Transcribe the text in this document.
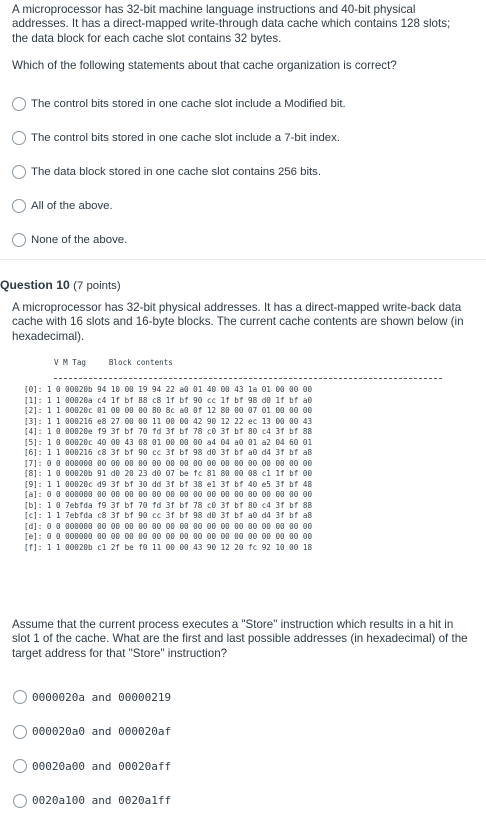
A microprocessor has 32-bit machine language instructions and 40-bit physical addresses. It has a direct-mapped write-through data cache which contains 128 slots; the data block for each cache slot contains 32 bytes.

Which of the following statements about that cache organization is correct?

The control bits stored in one cache slot include a Modified bit.
The control bits stored in one cache slot include a 7-bit index.
The data block stored in one cache slot contains 256 bits.
All of the above.
None of the above.
Question 10 (7 points)

A microprocessor has 32-bit physical addresses. It has a direct-mapped write-back data cache with 16 slots and 16-byte blocks. The current cache contents are shown below (in hexadecimal).

V M Tag     Block contents
[0]: 1 0 00020b 94 10 00 19 94 22 a0 01 40 00 43 1a 01 00 00 00
[1]: 1 1 00020a c4 1f bf 88 c8 1f bf 90 cc 1f bf 98 d0 1f bf a0
[2]: 1 1 00020c 01 00 00 00 80 8c a0 0f 12 80 00 07 01 00 00 00
[3]: 1 1 000216 e8 27 00 00 11 00 00 42 90 12 22 ec 13 00 00 43
[4]: 1 0 00020e f9 3f bf 70 fd 3f bf 78 c0 3f bf 80 c4 3f bf 88
[5]: 1 0 00020c 40 00 43 08 01 00 00 00 a4 04 a0 01 a2 04 60 01
[6]: 1 1 000216 c8 3f bf 90 cc 3f bf 98 d0 3f bf a0 d4 3f bf a8
[7]: 0 0 000000 00 00 00 00 00 00 00 00 00 00 00 00 00 00 00 00
[8]: 1 0 00020b 91 d0 20 23 d0 07 be fc 81 80 00 08 c1 1f bf 00
[9]: 1 1 00020c d9 3f bf 30 dd 3f bf 38 e1 3f bf 40 e5 3f bf 48
[a]: 0 0 000000 00 00 00 00 00 00 00 00 00 00 00 00 00 00 00 00
[b]: 1 0 7ebfda f9 3f bf 70 fd 3f bf 78 c0 3f bf 80 c4 3f bf 88
[c]: 1 1 7ebfda c8 3f bf 90 cc 3f bf 98 d0 3f bf a0 d4 3f bf a8
[d]: 0 0 000000 00 00 00 00 00 00 00 00 00 00 00 00 00 00 00 00
[e]: 0 0 000000 00 00 00 00 00 00 00 00 00 00 00 00 00 00 00 00
[f]: 1 1 00020b c1 2f be f0 11 00 00 43 90 12 20 fc 92 10 00 18

Assume that the current process executes a "Store" instruction which results in a hit in slot 1 of the cache. What are the first and last possible addresses (in hexadecimal) of the target address for that "Store" instruction?

0000020a and 00000219
000020a0 and 000020af
00020a00 and 00020aff
0020a100 and 0020a1ff
